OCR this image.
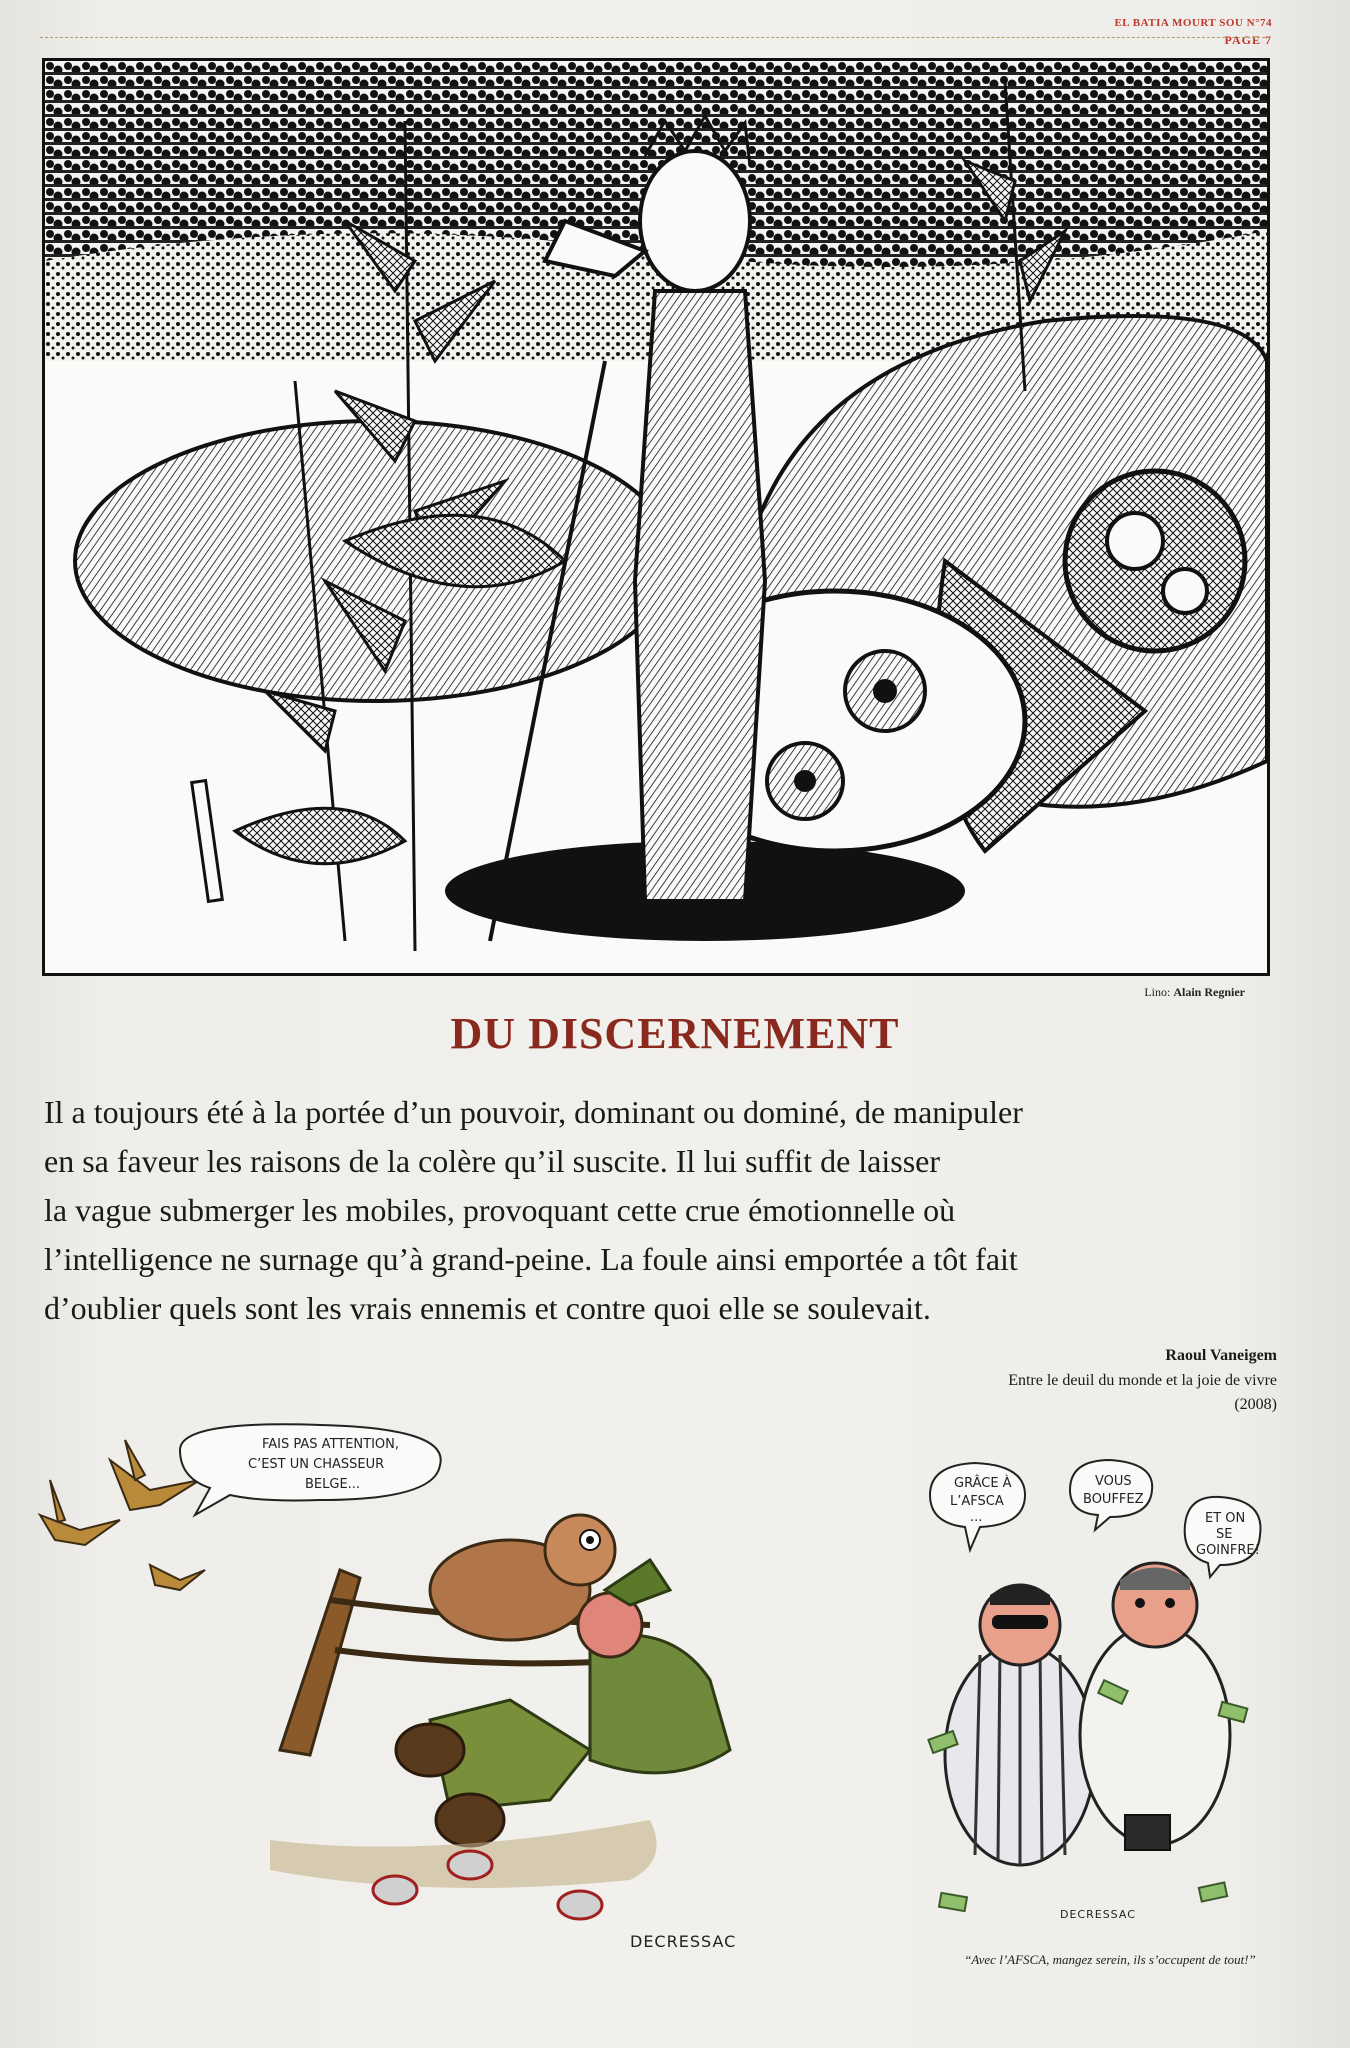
EL BATIA MOURT SOU N°74
PAGE 7
Lino: Alain Regnier
DU DISCERNEMENT
Il a toujours été à la portée d’un pouvoir, dominant ou dominé, de manipuler
en sa faveur les raisons de la colère qu’il suscite. Il lui suffit de laisser
la vague submerger les mobiles, provoquant cette crue émotionnelle où
l’intelligence ne surnage qu’à grand-peine. La foule ainsi emportée a tôt fait
d’oublier quels sont les vrais ennemis et contre quoi elle se soulevait.
Raoul Vaneigem
Entre le deuil du monde et la joie de vivre
(2008)
FAIS PAS ATTENTION,
C’EST UN CHASSEUR
BELGE...
DECRESSAC
GRÂCE À
L’AFSCA
...
VOUS
BOUFFEZ
ET ON
SE
GOINFRE!
DECRESSAC
“Avec l’AFSCA, mangez serein, ils s’occupent de tout!”
